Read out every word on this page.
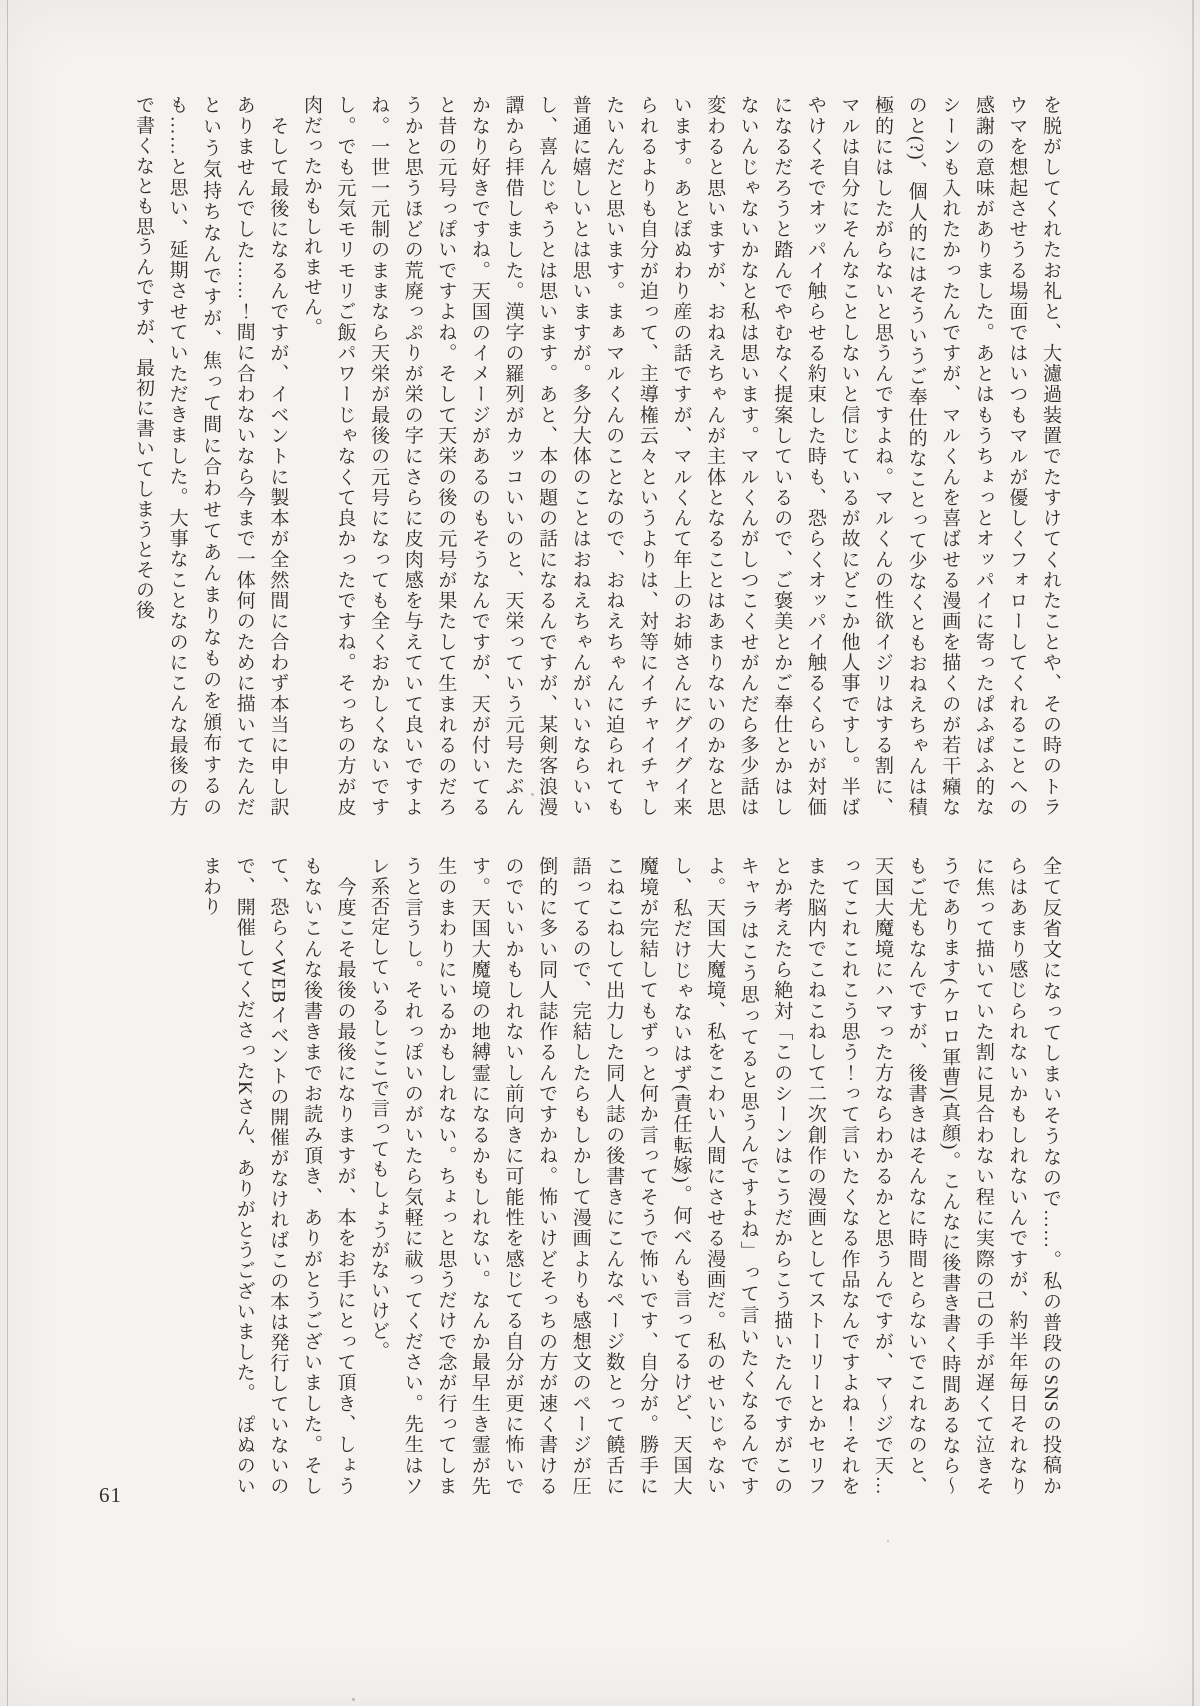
を脱がしてくれたお礼と、大濾過装置でたすけてくれたことや、その時のトラウマを想起させうる場面ではいつもマルが優しくフォローしてくれることへの感謝の意味がありました。あとはもうちょっとオッパイに寄ったぱふぱふ的なシーンも入れたかったんですが、マルくんを喜ばせる漫画を描くのが若干癪なのと(?)、個人的にはそういうご奉仕的なことって少なくともおねえちゃんは積極的にはしたがらないと思うんですよね。マルくんの性欲イジリはする割に、マルは自分にそんなことしないと信じているが故にどこか他人事ですし。半ばやけくそでオッパイ触らせる約束した時も、恐らくオッパイ触るくらいが対価になるだろうと踏んでやむなく提案しているので、ご褒美とかご奉仕とかはしないんじゃないかなと私は思います。マルくんがしつこくせがんだら多少話は変わると思いますが、おねえちゃんが主体となることはあまりないのかなと思います。あとぽぬわり産の話ですが、マルくんて年上のお姉さんにグイグイ来られるよりも自分が迫って、主導権云々というよりは、対等にイチャイチャしたいんだと思います。まぁマルくんのことなので、おねえちゃんに迫られても普通に嬉しいとは思いますが。多分大体のことはおねえちゃんがいいならいいし、喜んじゃうとは思います。あと、本の題の話になるんですが、某剣客浪漫譚から拝借しました。漢字の羅列がカッコいいのと、天栄っていう元号たぶんかなり好きですね。天国のイメージがあるのもそうなんですが、天が付いてると昔の元号っぽいですよね。そして天栄の後の元号が果たして生まれるのだろうかと思うほどの荒廃っぷりが栄の字にさらに皮肉感を与えていて良いですよね。一世一元制のままなら天栄が最後の元号になっても全くおかしくないですし。でも元気モリモリご飯パワーじゃなくて良かったですね。そっちの方が皮肉だったかもしれません。

　そして最後になるんですが、イベントに製本が全然間に合わず本当に申し訳ありませんでした……！間に合わないなら今まで一体何のために描いてたんだという気持ちなんですが、焦って間に合わせてあんまりなものを頒布するのも……と思い、延期させていただきました。大事なことなのにこんな最後の方で書くなとも思うんですが、最初に書いてしまうとその後

全て反省文になってしまいそうなので……。私の普段のSNSの投稿からはあまり感じられないかもしれないんですが、約半年毎日それなりに焦って描いていた割に見合わない程に実際の己の手が遅くて泣きそうであります(ケロロ軍曹)(真顔)。こんなに後書き書く時間あるなら〜もご尤もなんですが、後書きはそんなに時間とらないでこれなのと、天国大魔境にハマった方ならわかるかと思うんですが、マ〜ジで天…ってこれこれこう思う！って言いたくなる作品なんですよね！それをまた脳内でこねこねして二次創作の漫画としてストーリーとかセリフとか考えたら絶対「このシーンはこうだからこう描いたんですがこのキャラはこう思ってると思うんですよね」って言いたくなるんですよ。天国大魔境、私をこわい人間にさせる漫画だ。私のせいじゃないし、私だけじゃないはず(責任転嫁)。何べんも言ってるけど、天国大魔境が完結してもずっと何か言ってそうで怖いです、自分が。勝手にこねこねして出力した同人誌の後書きにこんなページ数とって饒舌に語ってるので、完結したらもしかして漫画よりも感想文のページが圧倒的に多い同人誌作るんですかね。怖いけどそっちの方が速く書けるのでいいかもしれないし前向きに可能性を感じてる自分が更に怖いです。天国大魔境の地縛霊になるかもしれない。なんか最早生き霊が先生のまわりにいるかもしれない。ちょっと思うだけで念が行ってしまうと言うし。それっぽいのがいたら気軽に祓ってください。先生はソレ系否定しているしここで言ってもしょうがないけど。

　今度こそ最後の最後になりますが、本をお手にとって頂き、しょうもないこんな後書きまでお読み頂き、ありがとうございました。そして、恐らくWEBイベントの開催がなければこの本は発行していないので、開催してくださったKさん、ありがとうございました。　ぽぬのいまわり

61
